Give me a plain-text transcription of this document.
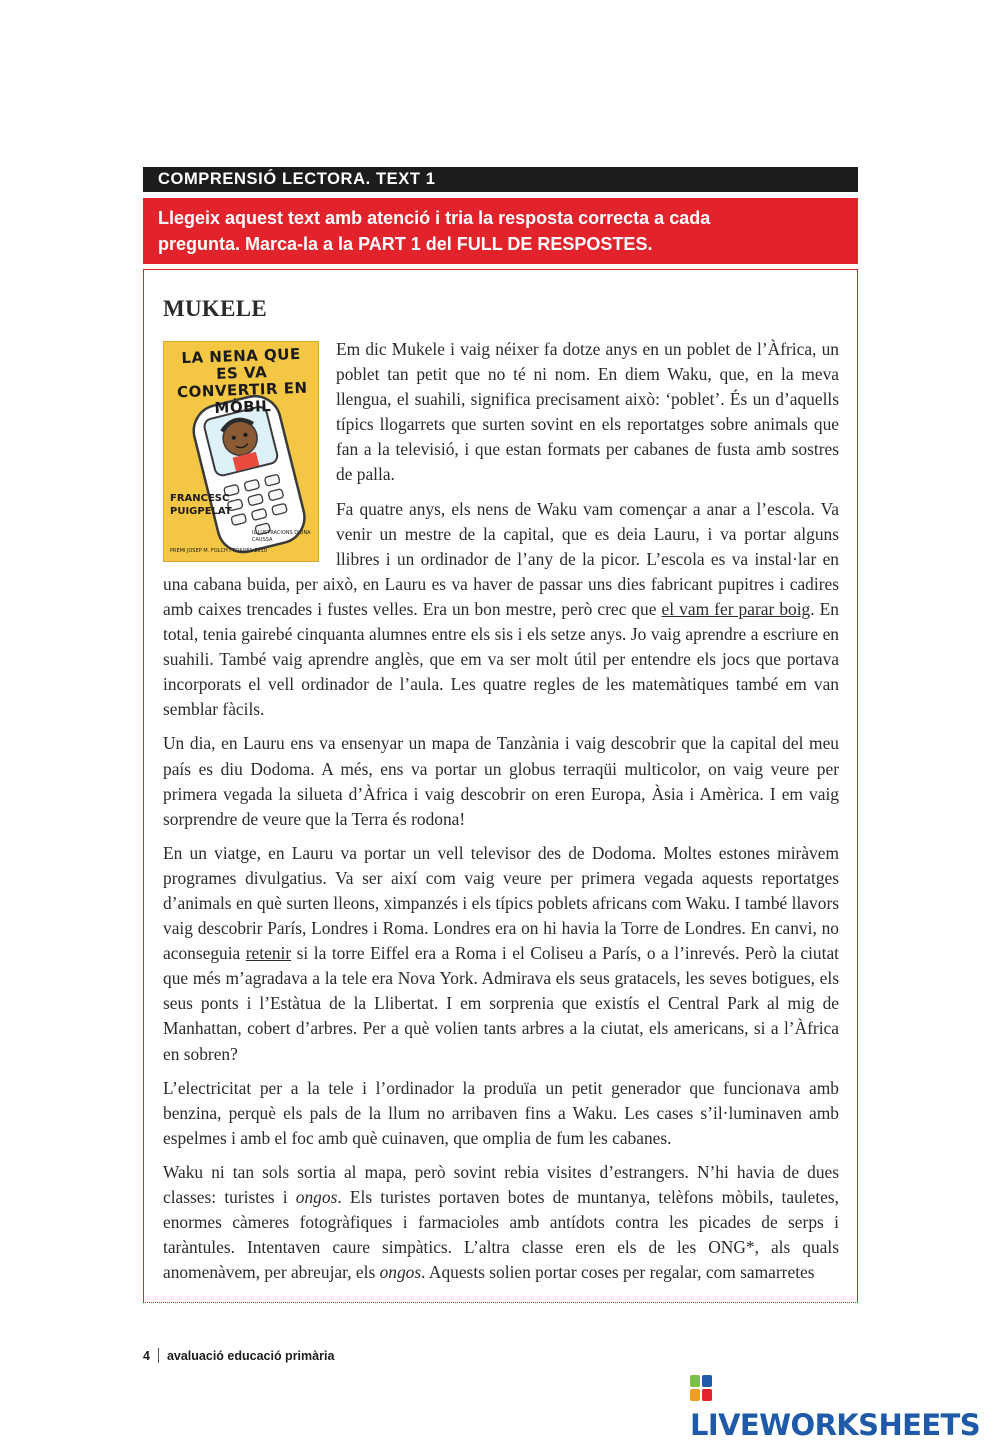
COMPRENSIÓ LECTORA. TEXT 1
Llegeix aquest text amb atenció i tria la resposta correcta a cada
pregunta. Marca-la a la PART 1 del FULL DE RESPOSTES.
MUKELE
LA NENA QUE ES VA CONVERTIR EN MÒBIL
FRANCESC
PUIGPELAT
IL·LUSTRACIONS D'ONA CAUSSA
PREMI JOSEP M. FOLCH I TORRES 2010

Em dic Mukele i vaig néixer fa dotze anys en un poblet de l’Àfrica, un poblet tan petit que no té ni nom. En diem Waku, que, en la meva llengua, el suahili, significa precisament això: ‘poblet’. És un d’aquells típics llogarrets que surten sovint en els reportatges sobre animals que fan a la televisió, i que estan formats per cabanes de fusta amb sostres de palla.

Fa quatre anys, els nens de Waku vam començar a anar a l’escola. Va venir un mestre de la capital, que es deia Lauru, i va portar alguns llibres i un ordinador de l’any de la picor. L’escola es va instal·lar en una cabana buida, per això, en Lauru es va haver de passar uns dies fabricant pupitres i cadires amb caixes trencades i fustes velles. Era un bon mestre, però crec que el vam fer parar boig. En total, tenia gairebé cinquanta alumnes entre els sis i els setze anys. Jo vaig aprendre a escriure en suahili. També vaig aprendre anglès, que em va ser molt útil per entendre els jocs que portava incorporats el vell ordinador de l’aula. Les quatre regles de les matemàtiques també em van semblar fàcils.

Un dia, en Lauru ens va ensenyar un mapa de Tanzània i vaig descobrir que la capital del meu país es diu Dodoma. A més, ens va portar un globus terraqüi multicolor, on vaig veure per primera vegada la silueta d’Àfrica i vaig descobrir on eren Europa, Àsia i Amèrica. I em vaig sorprendre de veure que la Terra és rodona!

En un viatge, en Lauru va portar un vell televisor des de Dodoma. Moltes estones miràvem programes divulgatius. Va ser així com vaig veure per primera vegada aquests reportatges d’animals en què surten lleons, ximpanzés i els típics poblets africans com Waku. I també llavors vaig descobrir París, Londres i Roma. Londres era on hi havia la Torre de Londres. En canvi, no aconseguia retenir si la torre Eiffel era a Roma i el Coliseu a París, o a l’inrevés. Però la ciutat que més m’agradava a la tele era Nova York. Admirava els seus gratacels, les seves botigues, els seus ponts i l’Estàtua de la Llibertat. I em sorprenia que existís el Central Park al mig de Manhattan, cobert d’arbres. Per a què volien tants arbres a la ciutat, els americans, si a l’Àfrica en sobren?

L’electricitat per a la tele i l’ordinador la produïa un petit generador que funcionava amb benzina, perquè els pals de la llum no arribaven fins a Waku. Les cases s’il·luminaven amb espelmes i amb el foc amb què cuinaven, que omplia de fum les cabanes.

Waku ni tan sols sortia al mapa, però sovint rebia visites d’estrangers. N’hi havia de dues classes: turistes i ongos. Els turistes portaven botes de muntanya, telèfons mòbils, tauletes, enormes càmeres fotogràfiques i farmacioles amb antídots contra les picades de serps i taràntules. Intentaven caure simpàtics. L’altra classe eren els de les ONG*, als quals anomenàvem, per abreujar, els ongos. Aquests solien portar coses per regalar, com samarretes

4 avaluació educació primària
LIVEWORKSHEETS
